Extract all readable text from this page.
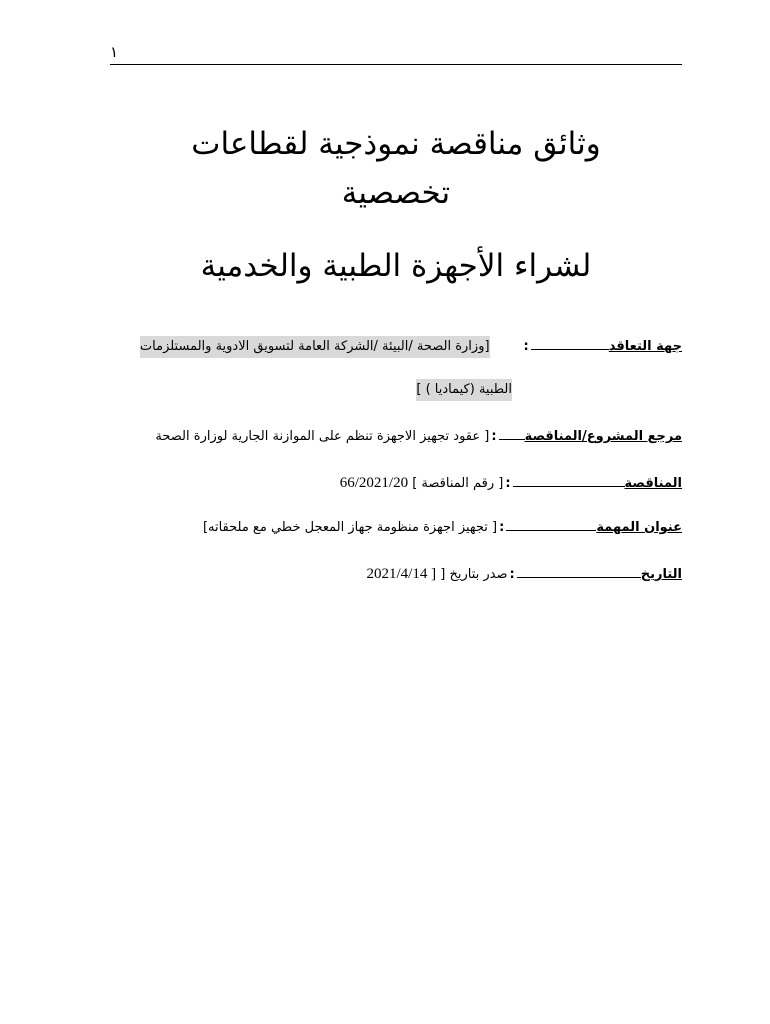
١
وثائق مناقصة نموذجية لقطاعات
تخصصية
لشراء الأجهزة الطبية والخدمية
جهة التعاقد:[وزارة الصحة /البيئة /الشركة العامة لتسويق الادوية والمستلزمات
الطبية (كيماديا ) ]
مرجع المشروع/المناقصة:[ عقود تجهيز الاجهزة تنظم على الموازنة الجارية لوزارة الصحة
المناقصة:[ رقم المناقصة ] 66/2021/20
عنوان المهمة:[ تجهيز اجهزة منظومة جهاز المعجل خطي مع ملحقاته]
التاريخ:صدر بتاريخ [ 2021/4/14 ]
